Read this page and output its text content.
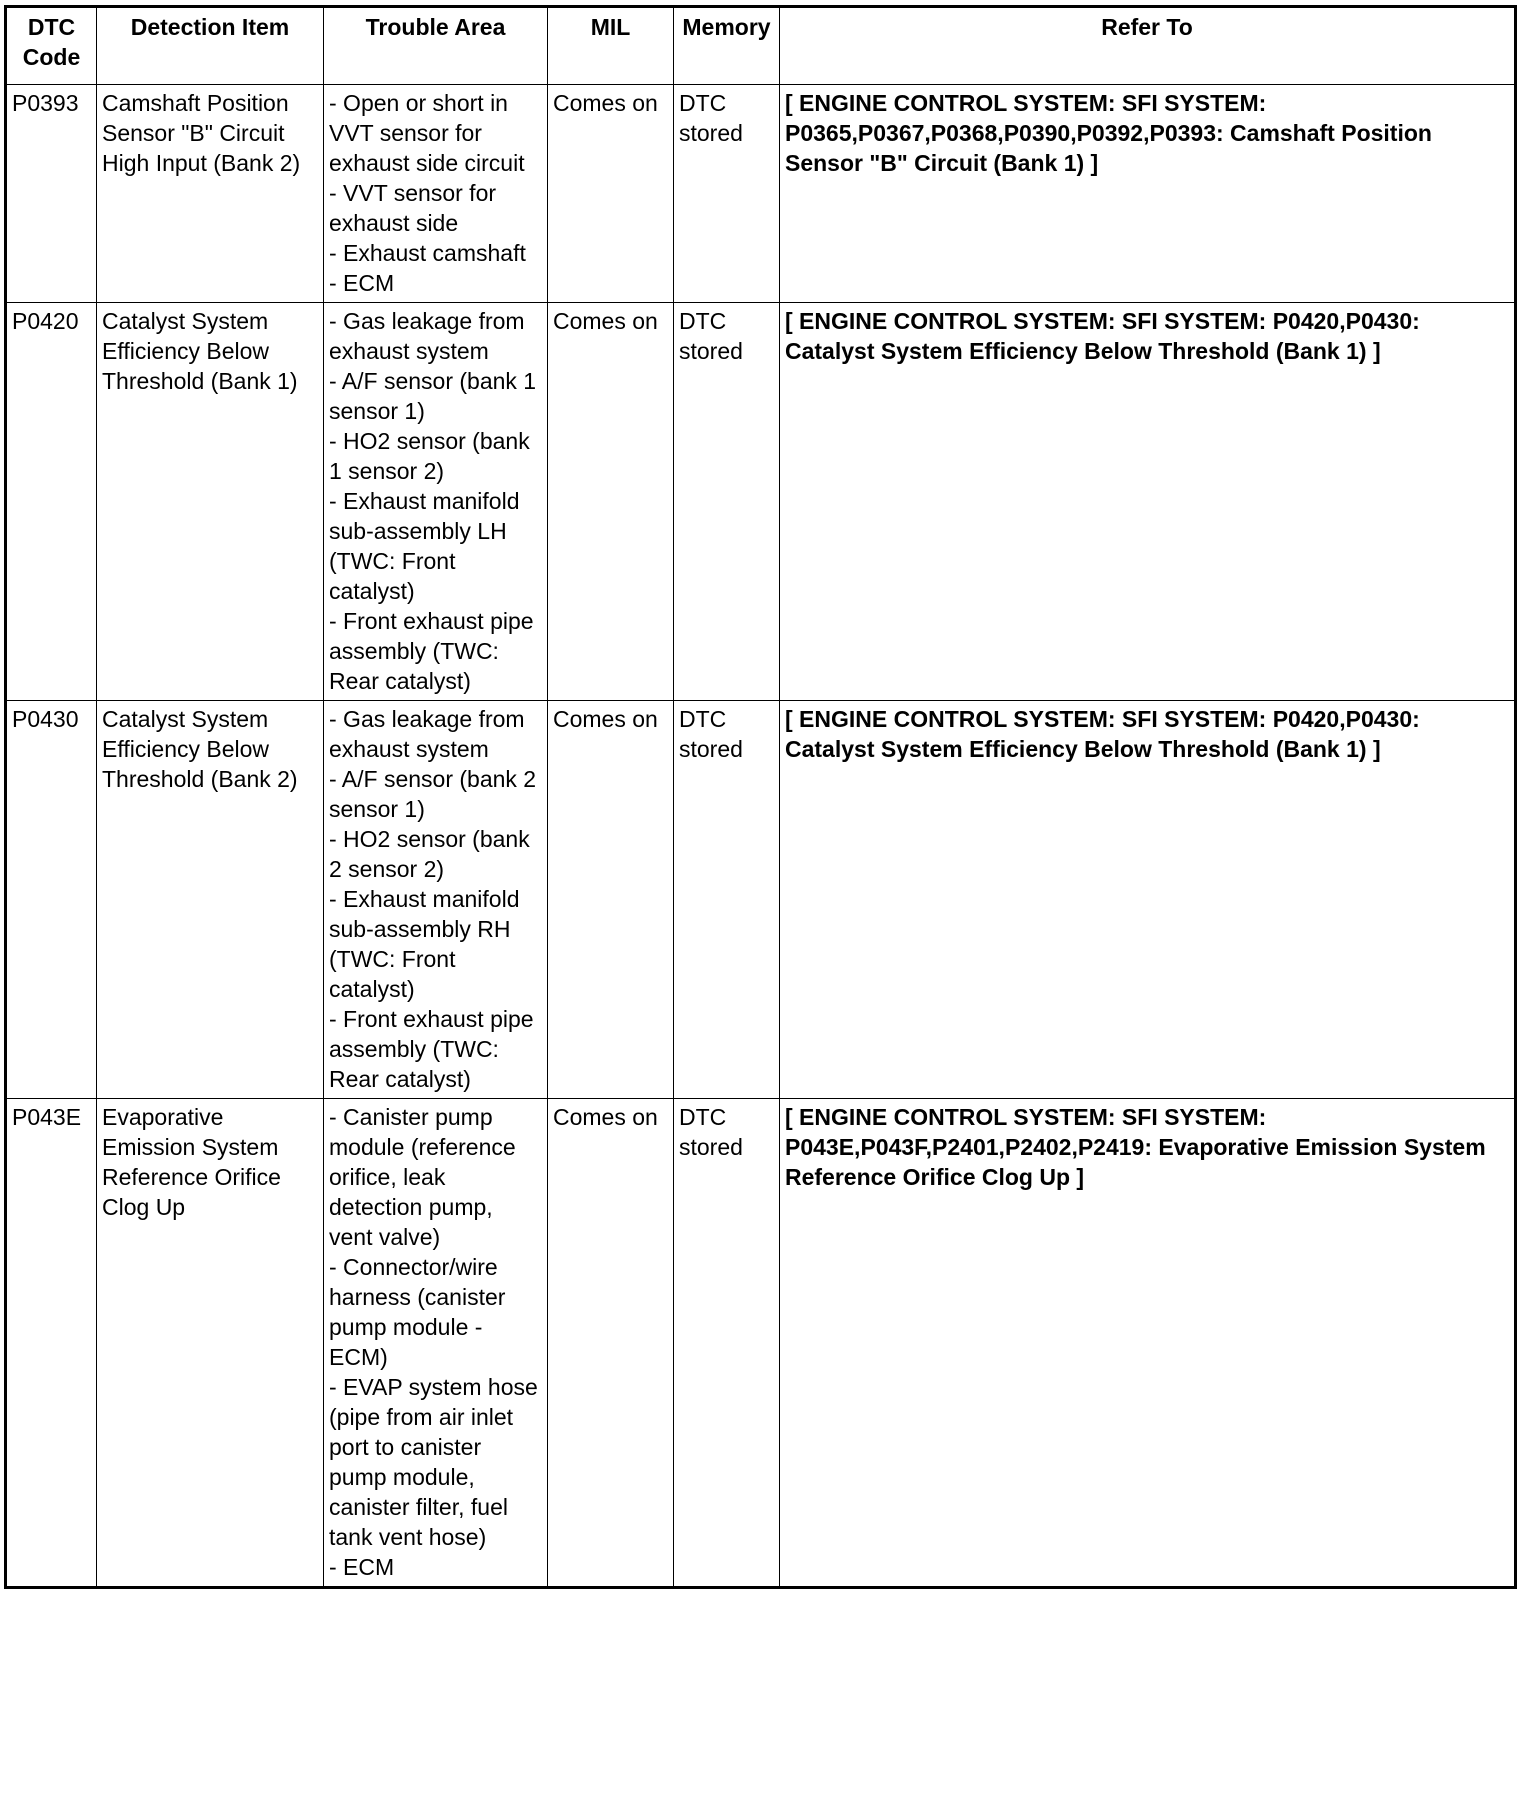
DTC Code	Detection Item	Trouble Area	MIL	Memory	Refer To
P0393	Camshaft Position Sensor "B" Circuit High Input (Bank 2)	- Open or short in VVT sensor for exhaust side circuit
- VVT sensor for exhaust side
- Exhaust camshaft
- ECM	Comes on	DTC stored	[ ENGINE CONTROL SYSTEM: SFI SYSTEM: P0365,P0367,P0368,P0390,P0392,P0393: Camshaft Position Sensor "B" Circuit (Bank 1) ]
P0420	Catalyst System Efficiency Below Threshold (Bank 1)	- Gas leakage from exhaust system
- A/F sensor (bank 1 sensor 1)
- HO2 sensor (bank 1 sensor 2)
- Exhaust manifold sub-assembly LH (TWC: Front catalyst)
- Front exhaust pipe assembly (TWC: Rear catalyst)	Comes on	DTC stored	[ ENGINE CONTROL SYSTEM: SFI SYSTEM: P0420,P0430: Catalyst System Efficiency Below Threshold (Bank 1) ]
P0430	Catalyst System Efficiency Below Threshold (Bank 2)	- Gas leakage from exhaust system
- A/F sensor (bank 2 sensor 1)
- HO2 sensor (bank 2 sensor 2)
- Exhaust manifold sub-assembly RH (TWC: Front catalyst)
- Front exhaust pipe assembly (TWC: Rear catalyst)	Comes on	DTC stored	[ ENGINE CONTROL SYSTEM: SFI SYSTEM: P0420,P0430: Catalyst System Efficiency Below Threshold (Bank 1) ]
P043E	Evaporative Emission System Reference Orifice Clog Up	- Canister pump module (reference orifice, leak detection pump, vent valve)
- Connector/wire harness (canister pump module - ECM)
- EVAP system hose (pipe from air inlet port to canister pump module, canister filter, fuel tank vent hose)
- ECM	Comes on	DTC stored	[ ENGINE CONTROL SYSTEM: SFI SYSTEM: P043E,P043F,P2401,P2402,P2419: Evaporative Emission System Reference Orifice Clog Up ]
